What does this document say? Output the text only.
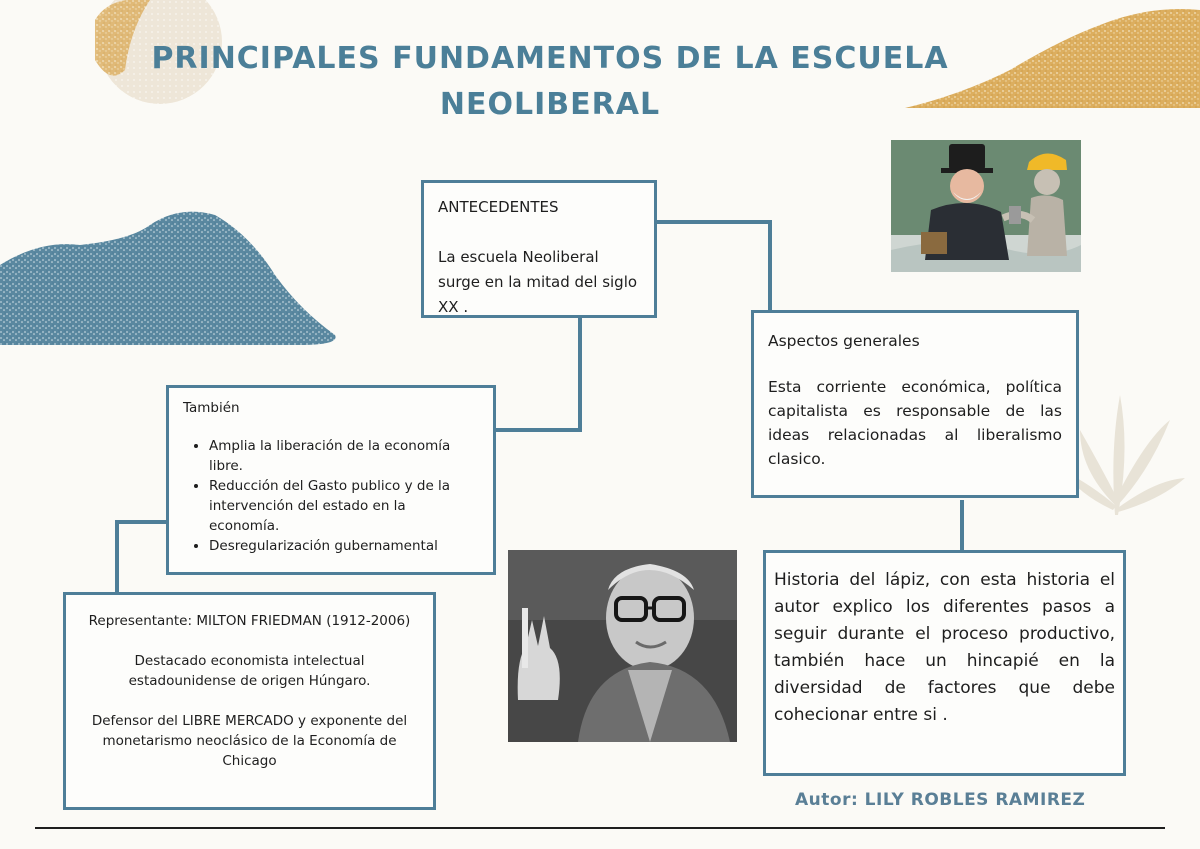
PRINCIPALES FUNDAMENTOS DE LA ESCUELA
NEOLIBERAL

ANTECEDENTES

La escuela Neoliberal surge en la mitad del siglo XX .

Aspectos generales

Esta corriente económica, política capitalista es responsable de las ideas relacionadas al liberalismo clasico.

También

• Amplia la liberación de la economía libre.
• Reducción del Gasto publico y de la intervención del estado en la economía.
• Desregularización gubernamental

Representante: MILTON FRIEDMAN (1912-2006)

Destacado economista intelectual estadounidense de origen Húngaro.

Defensor del LIBRE MERCADO y exponente del monetarismo neoclásico de la Economía de Chicago

Historia del lápiz, con esta historia el autor explico los diferentes pasos a seguir durante el proceso productivo, también hace un hincapié en la diversidad de factores que debe cohecionar entre si .

Autor: LILY ROBLES RAMIREZ
